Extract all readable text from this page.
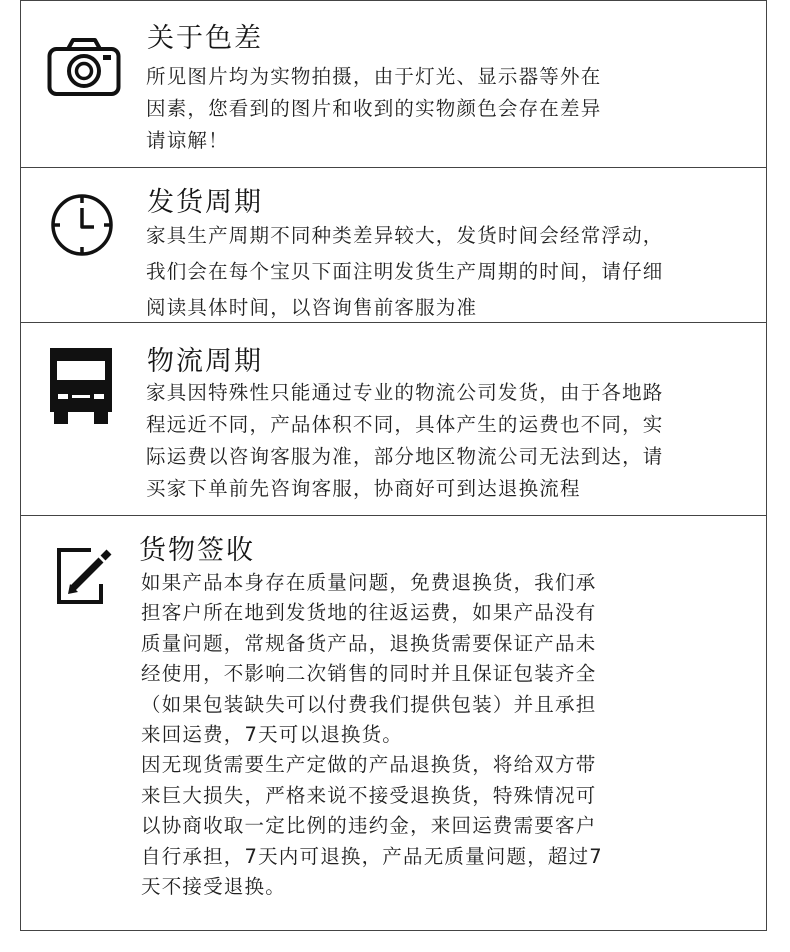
关于色差

所见图片均为实物拍摄，由于灯光、显示器等外在

因素，您看到的图片和收到的实物颜色会存在差异

请谅解！

发货周期

家具生产周期不同种类差异较大，发货时间会经常浮动，

我们会在每个宝贝下面注明发货生产周期的时间，请仔细

阅读具体时间，以咨询售前客服为准

物流周期

家具因特殊性只能通过专业的物流公司发货，由于各地路

程远近不同，产品体积不同，具体产生的运费也不同，实

际运费以咨询客服为准，部分地区物流公司无法到达，请

买家下单前先咨询客服，协商好可到达退换流程

货物签收

如果产品本身存在质量问题，免费退换货，我们承

担客户所在地到发货地的往返运费，如果产品没有

质量问题，常规备货产品，退换货需要保证产品未

经使用，不影响二次销售的同时并且保证包装齐全

（如果包装缺失可以付费我们提供包装）并且承担

来回运费，7天可以退换货。

因无现货需要生产定做的产品退换货，将给双方带

来巨大损失，严格来说不接受退换货，特殊情况可

以协商收取一定比例的违约金，来回运费需要客户

自行承担，7天内可退换，产品无质量问题，超过7

天不接受退换。
